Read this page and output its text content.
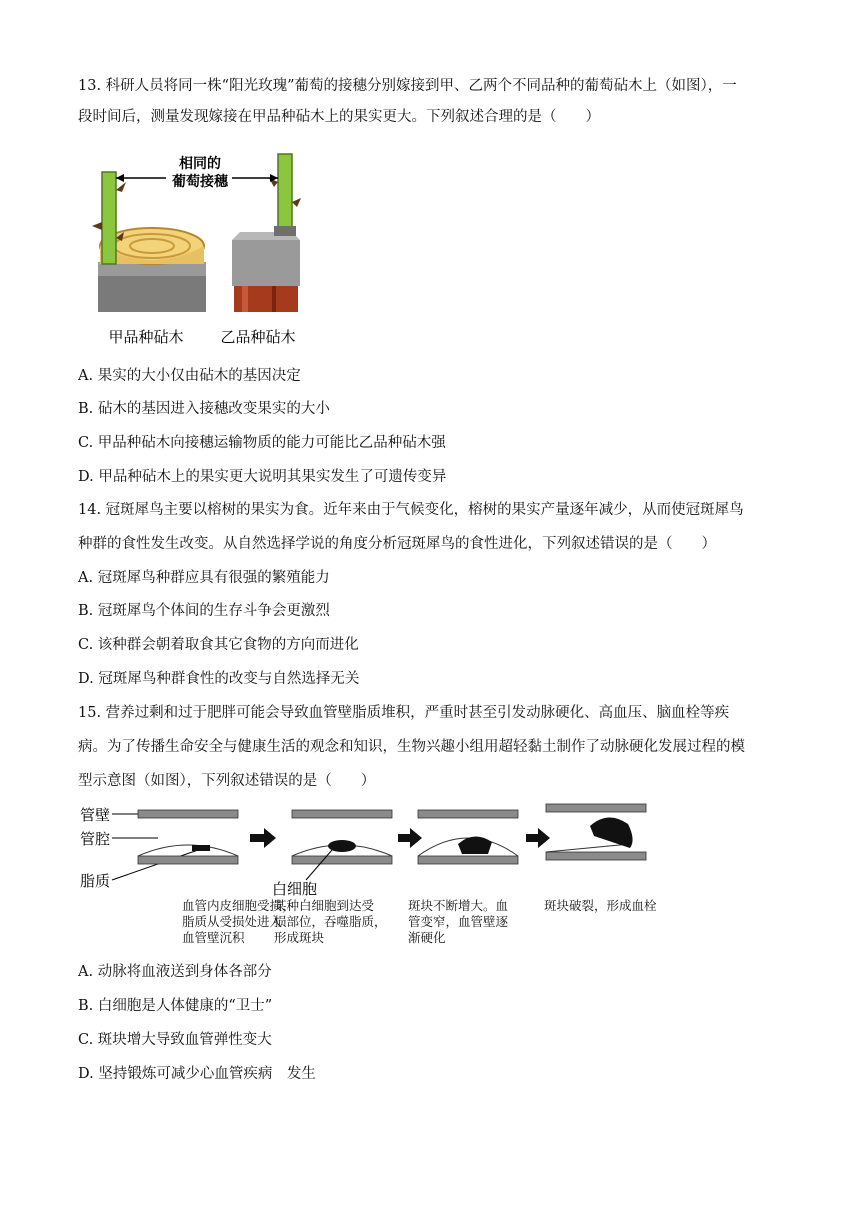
13. 科研人员将同一株“阳光玫瑰”葡萄的接穗分别嫁接到甲、乙两个不同品种的葡萄砧木上（如图），一
段时间后，测量发现嫁接在甲品种砧木上的果实更大。下列叙述合理的是（　　）
相同的
葡萄接穗
甲品种砧木 乙品种砧木
A. 果实的大小仅由砧木的基因决定
B. 砧木的基因进入接穗改变果实的大小
C. 甲品种砧木向接穗运输物质的能力可能比乙品种砧木强
D. 甲品种砧木上的果实更大说明其果实发生了可遗传变异
14. 冠斑犀鸟主要以榕树的果实为食。近年来由于气候变化，榕树的果实产量逐年减少，从而使冠斑犀鸟
种群的食性发生改变。从自然选择学说的角度分析冠斑犀鸟的食性进化，下列叙述错误的是（　　）
A. 冠斑犀鸟种群应具有很强的繁殖能力
B. 冠斑犀鸟个体间的生存斗争会更激烈
C. 该种群会朝着取食其它食物的方向而进化
D. 冠斑犀鸟种群食性的改变与自然选择无关
15. 营养过剩和过于肥胖可能会导致血管壁脂质堆积，严重时甚至引发动脉硬化、高血压、脑血栓等疾
病。为了传播生命安全与健康生活的观念和知识，生物兴趣小组用超轻黏土制作了动脉硬化发展过程的模
型示意图（如图），下列叙述错误的是（　　）
管壁
管腔
脂质	白细胞
血管内皮细胞受损，
脂质从受损处进入
血管壁沉积
某种白细胞到达受
损部位，吞噬脂质，
形成斑块
斑块不断增大。血
管变窄，血管壁逐
渐硬化
斑块破裂，形成血栓
A. 动脉将血液送到身体各部分
B. 白细胞是人体健康的“卫士”
C. 斑块增大导致血管弹性变大
D. 坚持锻炼可减少心血管疾病　发生
